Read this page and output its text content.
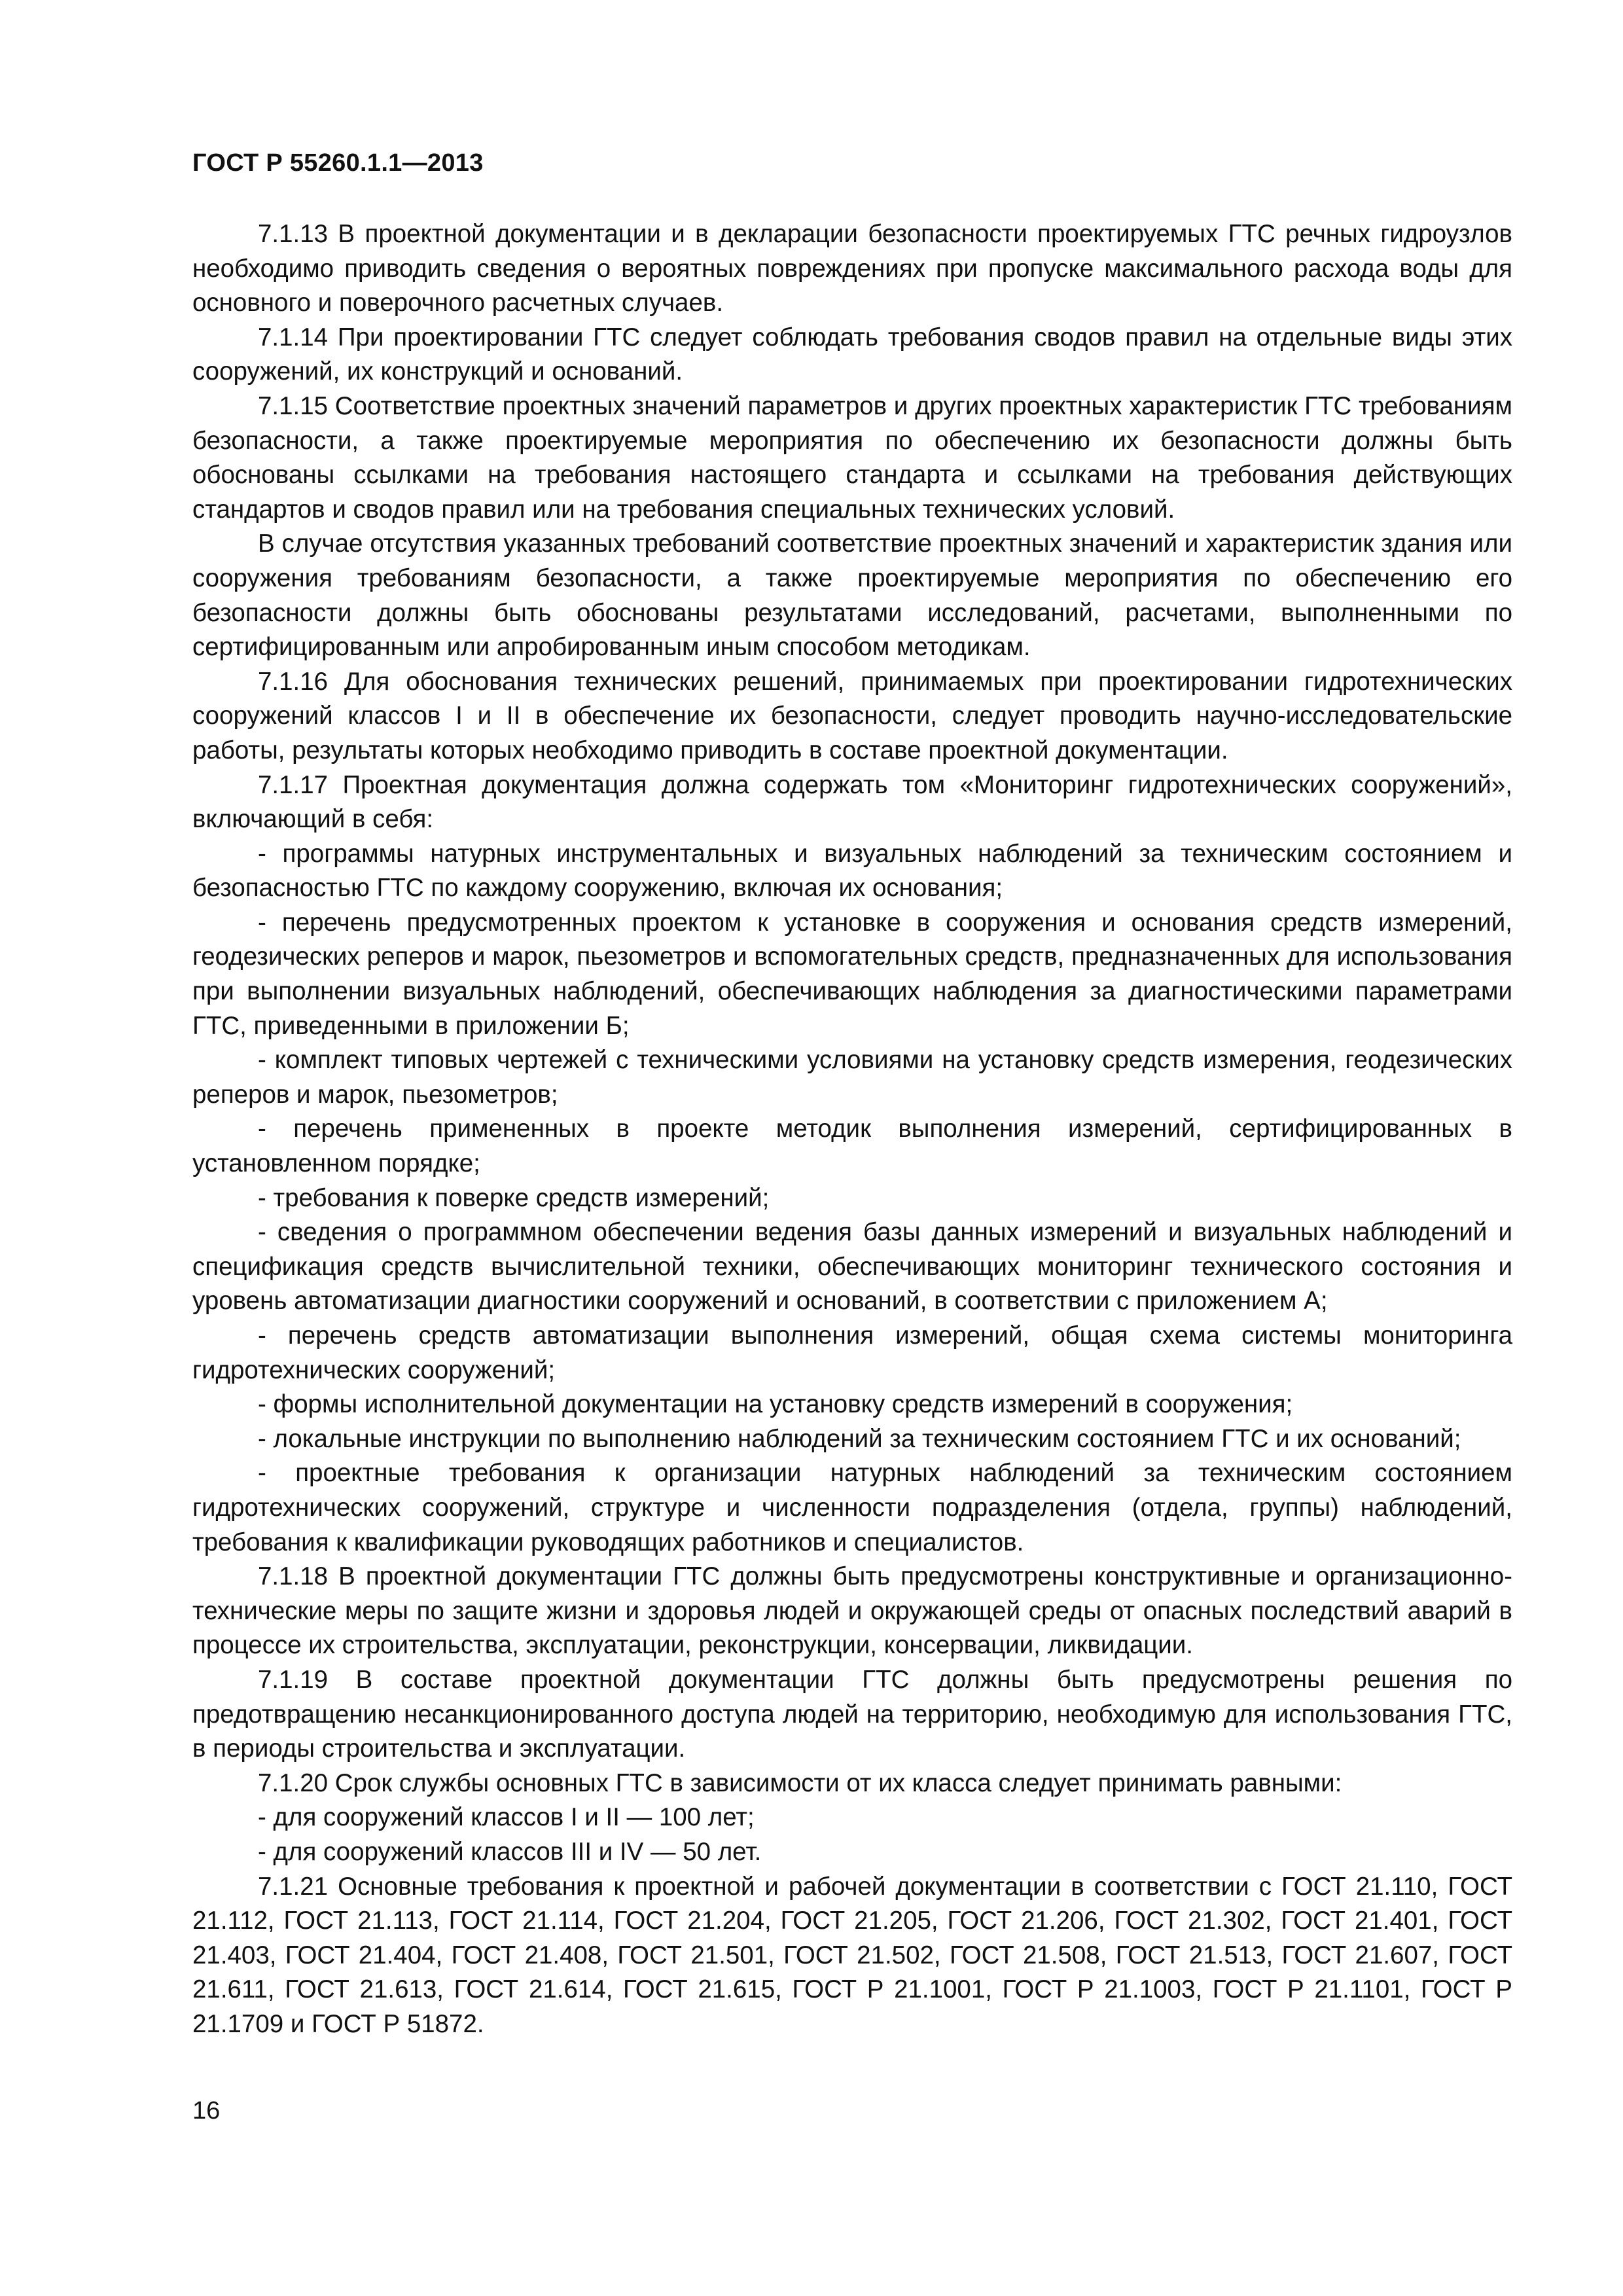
ГОСТ Р 55260.1.1—2013

7.1.13 В проектной документации и в декларации безопасности проектируемых ГТС речных гидроузлов необходимо приводить сведения о вероятных повреждениях при пропуске максимального расхода воды для основного и поверочного расчетных случаев.

7.1.14 При проектировании ГТС следует соблюдать требования сводов правил на отдельные виды этих сооружений, их конструкций и оснований.

7.1.15 Соответствие проектных значений параметров и других проектных характеристик ГТС требованиям безопасности, а также проектируемые мероприятия по обеспечению их безопасности должны быть обоснованы ссылками на требования настоящего стандарта и ссылками на требования действующих стандартов и сводов правил или на требования специальных технических условий.

В случае отсутствия указанных требований соответствие проектных значений и характеристик здания или сооружения требованиям безопасности, а также проектируемые мероприятия по обеспечению его безопасности должны быть обоснованы результатами исследований, расчетами, выполненными по сертифицированным или апробированным иным способом методикам.

7.1.16 Для обоснования технических решений, принимаемых при проектировании гидротехнических сооружений классов I и II в обеспечение их безопасности, следует проводить научно-исследовательские работы, результаты которых необходимо приводить в составе проектной документации.

7.1.17 Проектная документация должна содержать том «Мониторинг гидротехнических сооружений», включающий в себя:

- программы натурных инструментальных и визуальных наблюдений за техническим состоянием и безопасностью ГТС по каждому сооружению, включая их основания;

- перечень предусмотренных проектом к установке в сооружения и основания средств измерений, геодезических реперов и марок, пьезометров и вспомогательных средств, предназначенных для использования при выполнении визуальных наблюдений, обеспечивающих наблюдения за диагностическими параметрами ГТС, приведенными в приложении Б;

- комплект типовых чертежей с техническими условиями на установку средств измерения, геодезических реперов и марок, пьезометров;

- перечень примененных в проекте методик выполнения измерений, сертифицированных в установленном порядке;

- требования к поверке средств измерений;

- сведения о программном обеспечении ведения базы данных измерений и визуальных наблюдений и спецификация средств вычислительной техники, обеспечивающих мониторинг технического состояния и уровень автоматизации диагностики сооружений и оснований, в соответствии с приложением А;

- перечень средств автоматизации выполнения измерений, общая схема системы мониторинга гидротехнических сооружений;

- формы исполнительной документации на установку средств измерений в сооружения;

- локальные инструкции по выполнению наблюдений за техническим состоянием ГТС и их оснований;

- проектные требования к организации натурных наблюдений за техническим состоянием гидротехнических сооружений, структуре и численности подразделения (отдела, группы) наблюдений, требования к квалификации руководящих работников и специалистов.

7.1.18 В проектной документации ГТС должны быть предусмотрены конструктивные и организационно-технические меры по защите жизни и здоровья людей и окружающей среды от опасных последствий аварий в процессе их строительства, эксплуатации, реконструкции, консервации, ликвидации.

7.1.19 В составе проектной документации ГТС должны быть предусмотрены решения по предотвращению несанкционированного доступа людей на территорию, необходимую для использования ГТС, в периоды строительства и эксплуатации.

7.1.20 Срок службы основных ГТС в зависимости от их класса следует принимать равными:

- для сооружений классов I и II — 100 лет;

- для сооружений классов III и IV — 50 лет.

7.1.21 Основные требования к проектной и рабочей документации в соответствии с ГОСТ 21.110, ГОСТ 21.112, ГОСТ 21.113, ГОСТ 21.114, ГОСТ 21.204, ГОСТ 21.205, ГОСТ 21.206, ГОСТ 21.302, ГОСТ 21.401, ГОСТ 21.403, ГОСТ 21.404, ГОСТ 21.408, ГОСТ 21.501, ГОСТ 21.502, ГОСТ 21.508, ГОСТ 21.513, ГОСТ 21.607, ГОСТ 21.611, ГОСТ 21.613, ГОСТ 21.614, ГОСТ 21.615, ГОСТ Р 21.1001, ГОСТ Р 21.1003, ГОСТ Р 21.1101, ГОСТ Р 21.1709 и ГОСТ Р 51872.

16
